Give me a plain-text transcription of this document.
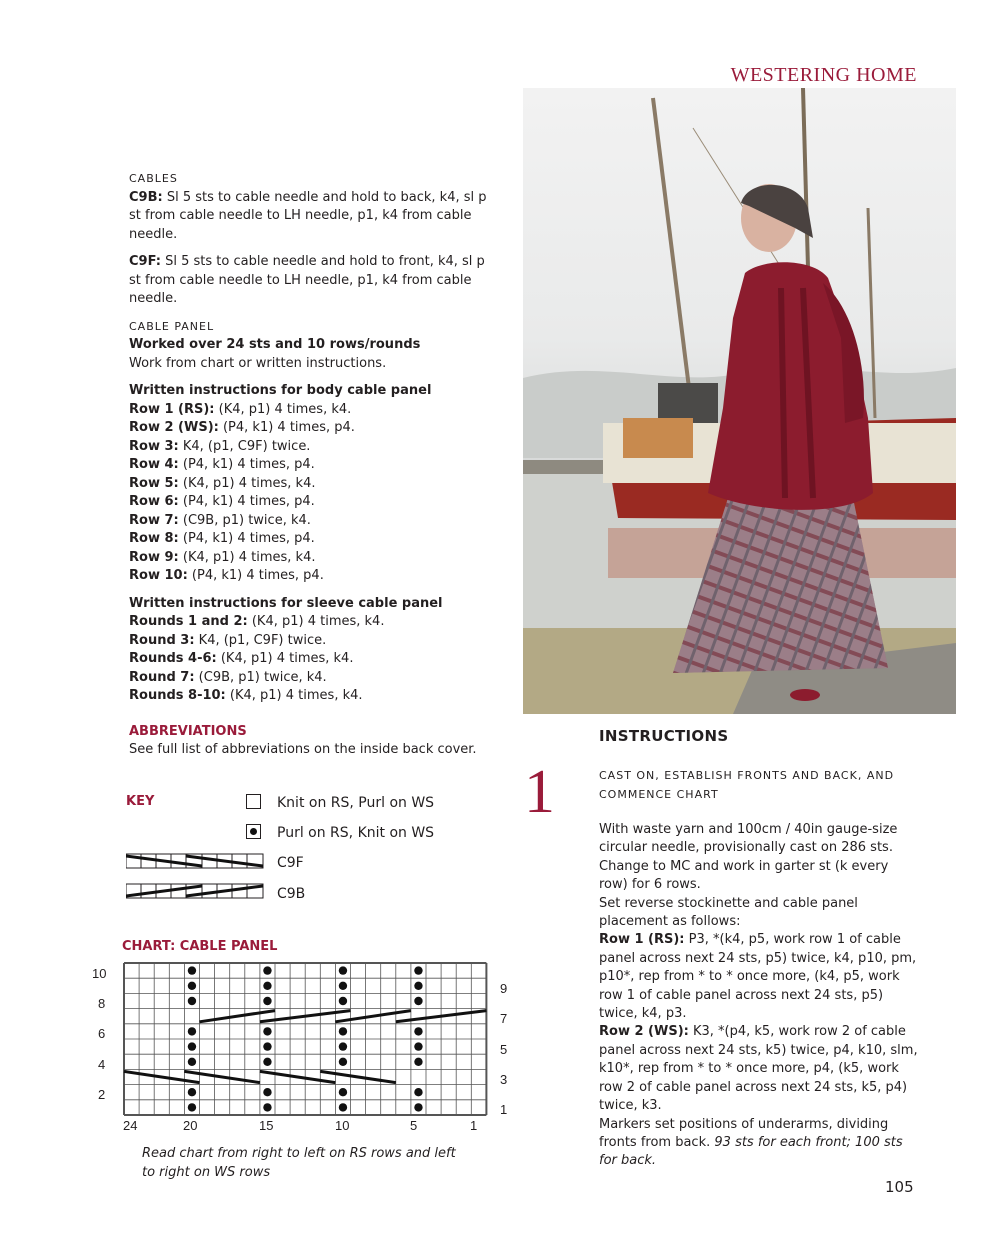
WESTERING HOME

CABLES

C9B: Sl 5 sts to cable needle and hold to back, k4, sl p st from cable needle to LH needle, p1, k4 from cable needle.

C9F: Sl 5 sts to cable needle and hold to front, k4, sl p st from cable needle to LH needle, p1, k4 from cable needle.

CABLE PANEL

Worked over 24 sts and 10 rows/rounds

Work from chart or written instructions.

Written instructions for body cable panel

Row 1 (RS): (K4, p1) 4 times, k4.

Row 2 (WS): (P4, k1) 4 times, p4.

Row 3: K4, (p1, C9F) twice.

Row 4: (P4, k1) 4 times, p4.

Row 5: (K4, p1) 4 times, k4.

Row 6: (P4, k1) 4 times, p4.

Row 7: (C9B, p1) twice, k4.

Row 8: (P4, k1) 4 times, p4.

Row 9: (K4, p1) 4 times, k4.

Row 10: (P4, k1) 4 times, p4.

Written instructions for sleeve cable panel

Rounds 1 and 2: (K4, p1) 4 times, k4.

Round 3: K4, (p1, C9F) twice.

Rounds 4-6: (K4, p1) 4 times, k4.

Round 7: (C9B, p1) twice, k4.

Rounds 8-10: (K4, p1) 4 times, k4.

ABBREVIATIONS

See full list of abbreviations on the inside back cover.

KEY	Knit on RS, Purl on WS
Purl on RS, Knit on WS
C9F
C9B
CHART: CABLE PANEL
10
8
6
4
2
9
7
5
3
1
24	20	15	10	5	1
Read chart from right to left on RS rows and left to right on WS rows
INSTRUCTIONS
1	CAST ON, ESTABLISH FRONTS AND BACK, AND COMMENCE CHART

With waste yarn and 100cm / 40in gauge-size circular needle, provisionally cast on 286 sts. Change to MC and work in garter st (k every row) for 6 rows.

Set reverse stockinette and cable panel placement as follows:

Row 1 (RS): P3, *(k4, p5, work row 1 of cable panel across next 24 sts, p5) twice, k4, p10, pm, p10*, rep from * to * once more, (k4, p5, work row 1 of cable panel across next 24 sts, p5) twice, k4, p3.

Row 2 (WS): K3, *(p4, k5, work row 2 of cable panel across next 24 sts, k5) twice, p4, k10, slm, k10*, rep from * to * once more, p4, (k5, work row 2 of cable panel across next 24 sts, k5, p4) twice, k3.

Markers set positions of underarms, dividing fronts from back. 93 sts for each front; 100 sts for back.

105
